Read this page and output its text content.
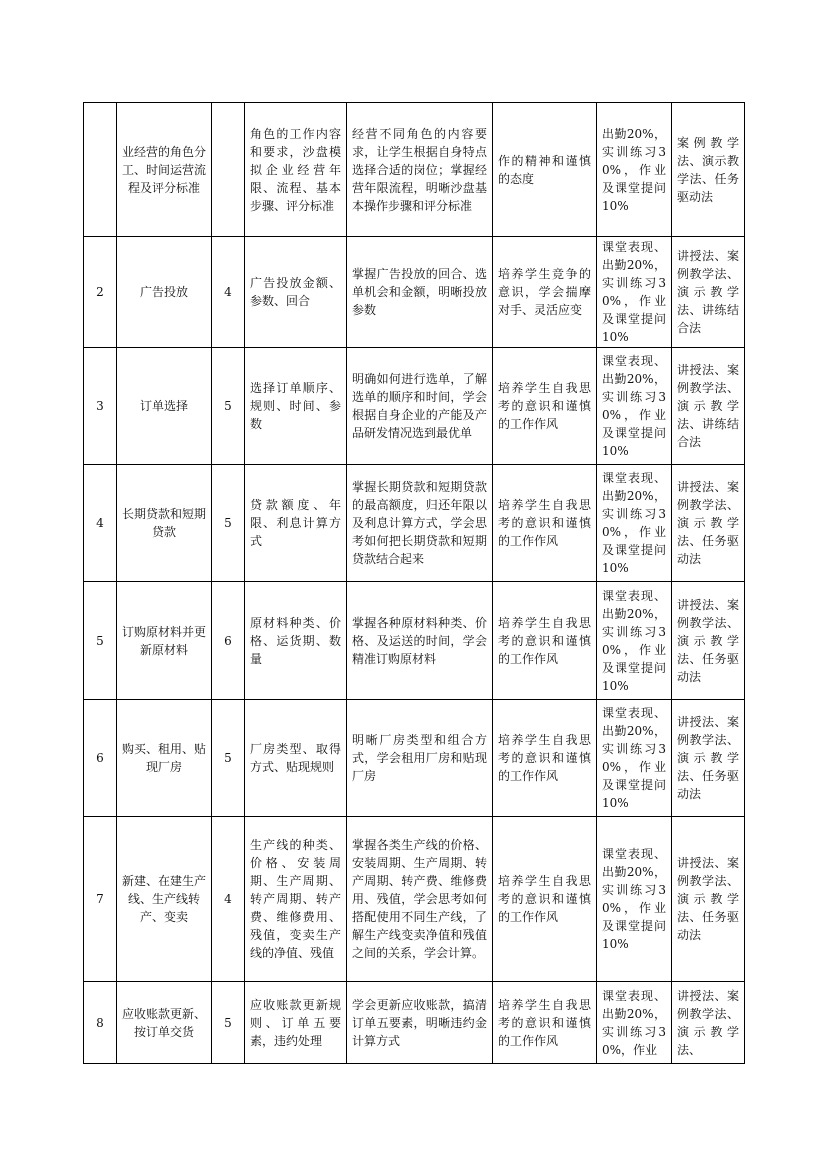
	业经营的角色分工、时间运营流程及评分标准		角色的工作内容和要求，沙盘模拟企业经营年限、流程、基本步骤、评分标准	经营不同角色的内容要求，让学生根据自身特点选择合适的岗位；掌握经营年限流程，明晰沙盘基本操作步骤和评分标准	作的精神和谨慎的态度	出勤20%，实训练习30%，作业及课堂提问10%	案例教学法、演示教学法、任务驱动法
2	广告投放	4	广告投放金额、参数、回合	掌握广告投放的回合、选单机会和金额，明晰投放参数	培养学生竞争的意识，学会揣摩对手、灵活应变	课堂表现、出勤20%，实训练习30%，作业及课堂提问10%	讲授法、案例教学法、演示教学法、讲练结合法
3	订单选择	5	选择订单顺序、规则、时间、参数	明确如何进行选单，了解选单的顺序和时间，学会根据自身企业的产能及产品研发情况选到最优单	培养学生自我思考的意识和谨慎的工作作风	课堂表现、出勤20%，实训练习30%，作业及课堂提问10%	讲授法、案例教学法、演示教学法、讲练结合法
4	长期贷款和短期贷款	5	贷款额度、年限、利息计算方式	掌握长期贷款和短期贷款的最高额度，归还年限以及利息计算方式，学会思考如何把长期贷款和短期贷款结合起来	培养学生自我思考的意识和谨慎的工作作风	课堂表现、出勤20%，实训练习30%，作业及课堂提问10%	讲授法、案例教学法、演示教学法、任务驱动法
5	订购原材料并更新原材料	6	原材料种类、价格、运货期、数量	掌握各种原材料种类、价格、及运送的时间，学会精准订购原材料	培养学生自我思考的意识和谨慎的工作作风	课堂表现、出勤20%，实训练习30%，作业及课堂提问10%	讲授法、案例教学法、演示教学法、任务驱动法
6	购买、租用、贴现厂房	5	厂房类型、取得方式、贴现规则	明晰厂房类型和组合方式，学会租用厂房和贴现厂房	培养学生自我思考的意识和谨慎的工作作风	课堂表现、出勤20%，实训练习30%，作业及课堂提问10%	讲授法、案例教学法、演示教学法、任务驱动法
7	新建、在建生产线、生产线转产、变卖	4	生产线的种类、价格、安装周期、生产周期、转产周期、转产费、维修费用、残值，变卖生产线的净值、残值	掌握各类生产线的价格、安装周期、生产周期、转产周期、转产费、维修费用、残值，学会思考如何搭配使用不同生产线，了解生产线变卖净值和残值之间的关系，学会计算。	培养学生自我思考的意识和谨慎的工作作风	课堂表现、出勤20%，实训练习30%，作业及课堂提问10%	讲授法、案例教学法、演示教学法、任务驱动法
8	应收账款更新、按订单交货	5	应收账款更新规则、订单五要素，违约处理	学会更新应收账款，搞清订单五要素，明晰违约金计算方式	培养学生自我思考的意识和谨慎的工作作风	课堂表现、出勤20%，实训练习30%，作业	讲授法、案例教学法、演示教学法、
